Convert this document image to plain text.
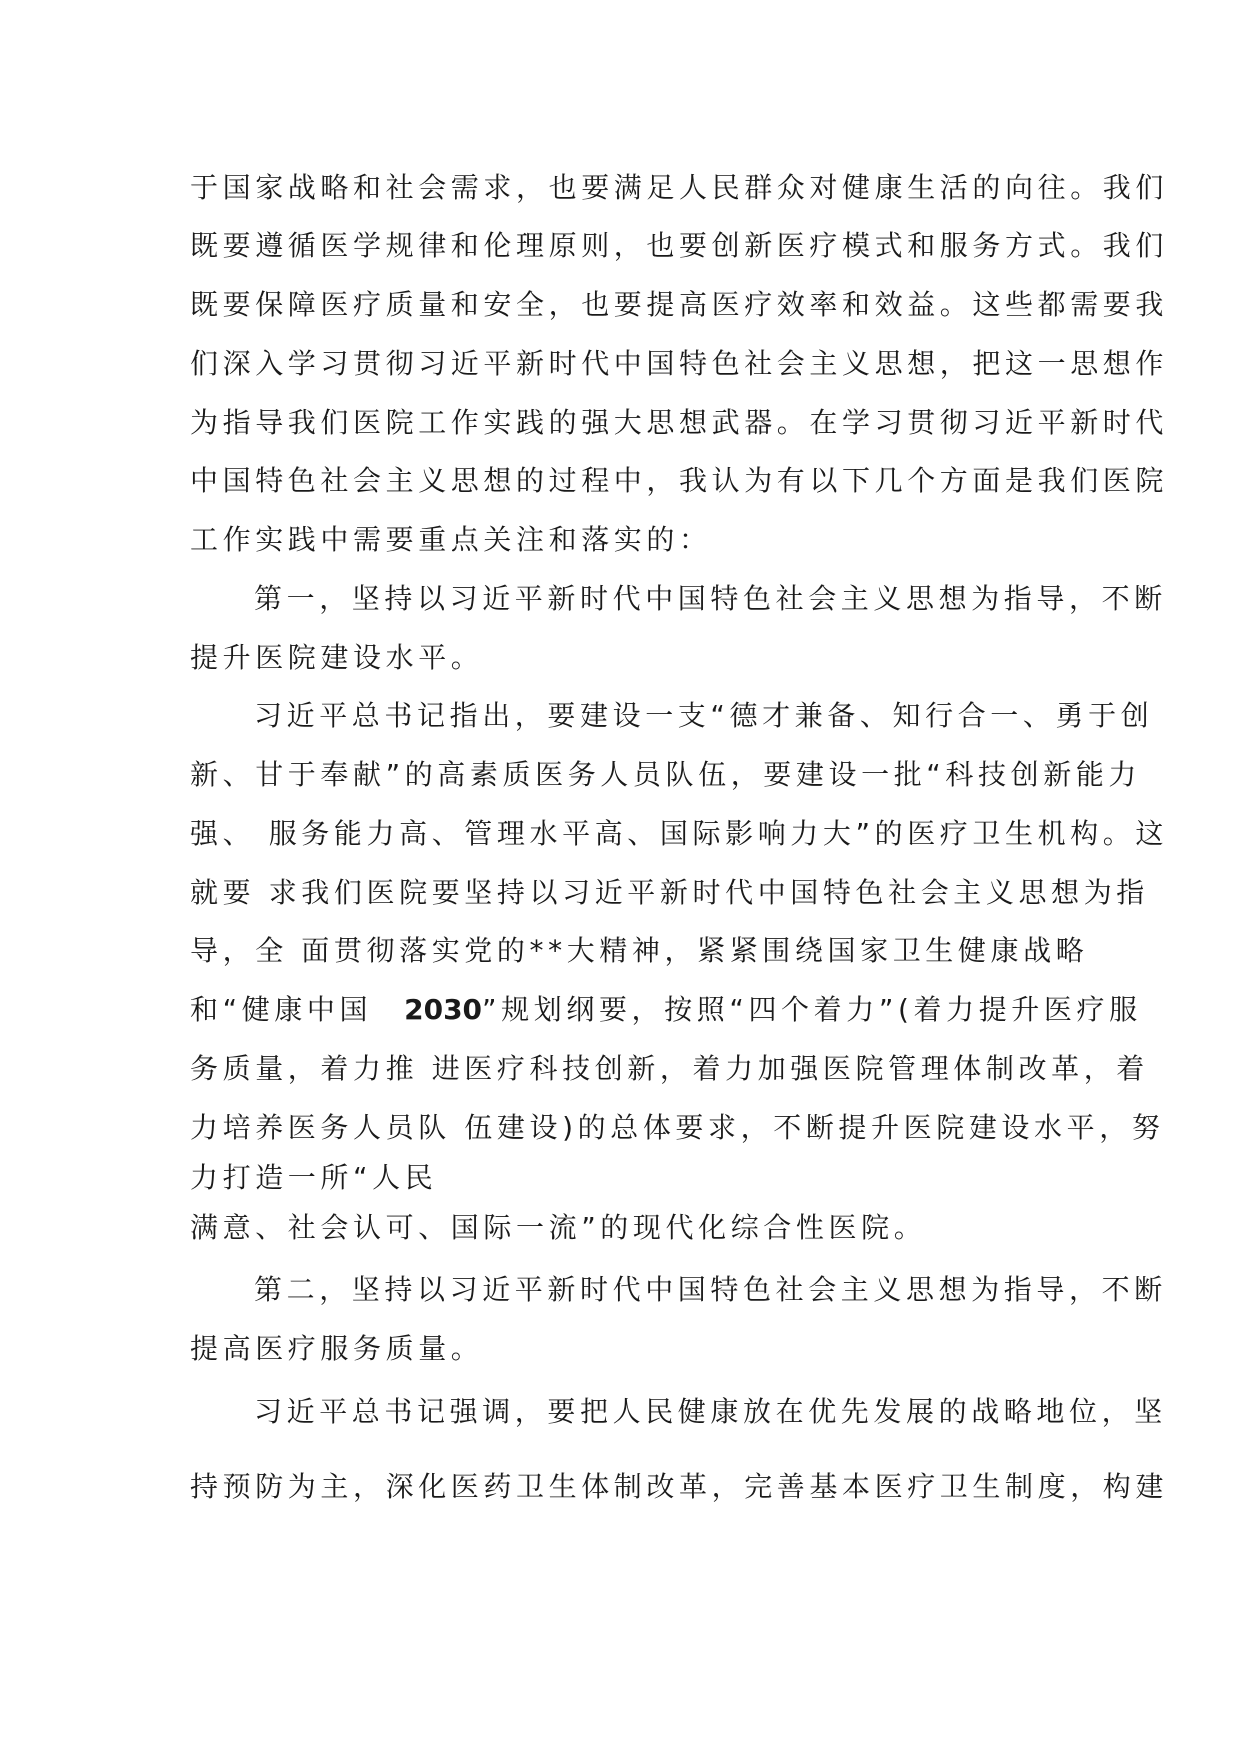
于国家战略和社会需求，也要满足人民群众对健康生活的向往。我们
既要遵循医学规律和伦理原则，也要创新医疗模式和服务方式。我们
既要保障医疗质量和安全，也要提高医疗效率和效益。这些都需要我
们深入学习贯彻习近平新时代中国特色社会主义思想，把这一思想作
为指导我们医院工作实践的强大思想武器。在学习贯彻习近平新时代
中国特色社会主义思想的过程中，我认为有以下几个方面是我们医院
工作实践中需要重点关注和落实的：
第一，坚持以习近平新时代中国特色社会主义思想为指导，不断
提升医院建设水平。
习近平总书记指出，要建设一支“德才兼备、知行合一、勇于创
新、甘于奉献”的高素质医务人员队伍，要建设一批“科技创新能力
强、 服务能力高、管理水平高、国际影响力大”的医疗卫生机构。这
就要 求我们医院要坚持以习近平新时代中国特色社会主义思想为指
导，全 面贯彻落实党的**大精神，紧紧围绕国家卫生健康战略
和“健康中国 2030”规划纲要，按照“四个着力”(着力提升医疗服
务质量，着力推 进医疗科技创新，着力加强医院管理体制改革，着
力培养医务人员队 伍建设)的总体要求，不断提升医院建设水平，努
力打造一所“人民
满意、社会认可、国际一流”的现代化综合性医院。
第二，坚持以习近平新时代中国特色社会主义思想为指导，不断
提高医疗服务质量。
习近平总书记强调，要把人民健康放在优先发展的战略地位，坚
持预防为主，深化医药卫生体制改革，完善基本医疗卫生制度，构建
